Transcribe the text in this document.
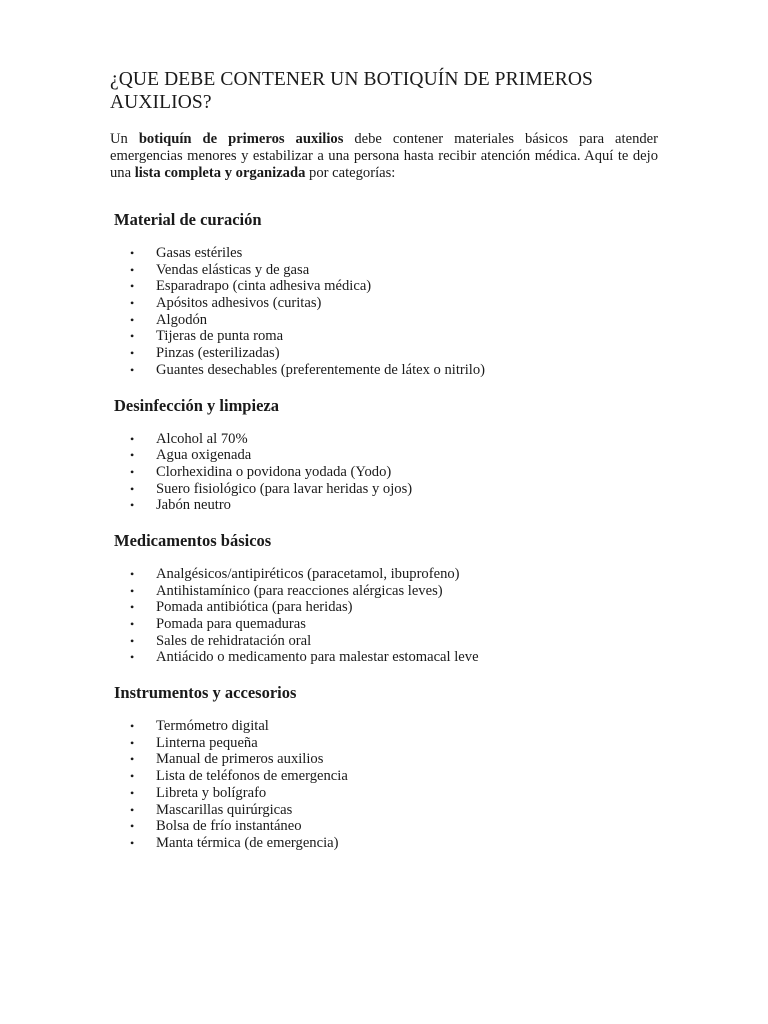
¿QUE DEBE CONTENER UN BOTIQUÍN DE PRIMEROS AUXILIOS?

Un botiquín de primeros auxilios debe contener materiales básicos para atender emergencias menores y estabilizar a una persona hasta recibir atención médica. Aquí te dejo una lista completa y organizada por categorías:

Material de curación
• Gasas estériles
• Vendas elásticas y de gasa
• Esparadrapo (cinta adhesiva médica)
• Apósitos adhesivos (curitas)
• Algodón
• Tijeras de punta roma
• Pinzas (esterilizadas)
• Guantes desechables (preferentemente de látex o nitrilo)
Desinfección y limpieza
• Alcohol al 70%
• Agua oxigenada
• Clorhexidina o povidona yodada (Yodo)
• Suero fisiológico (para lavar heridas y ojos)
• Jabón neutro
Medicamentos básicos
• Analgésicos/antipiréticos (paracetamol, ibuprofeno)
• Antihistamínico (para reacciones alérgicas leves)
• Pomada antibiótica (para heridas)
• Pomada para quemaduras
• Sales de rehidratación oral
• Antiácido o medicamento para malestar estomacal leve
Instrumentos y accesorios
• Termómetro digital
• Linterna pequeña
• Manual de primeros auxilios
• Lista de teléfonos de emergencia
• Libreta y bolígrafo
• Mascarillas quirúrgicas
• Bolsa de frío instantáneo
• Manta térmica (de emergencia)
